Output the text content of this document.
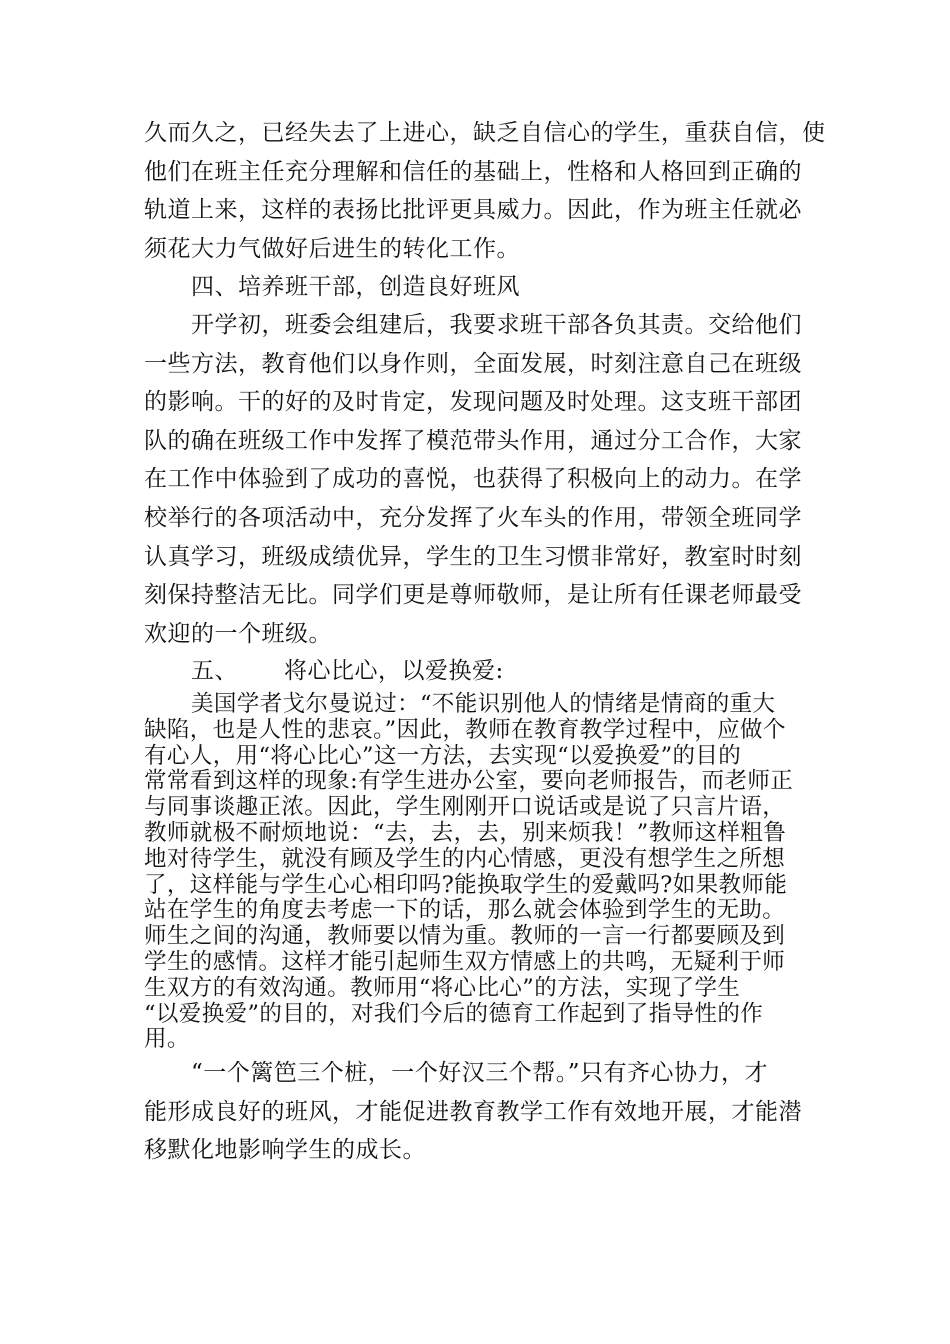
久而久之，已经失去了上进心，缺乏自信心的学生，重获自信，使
他们在班主任充分理解和信任的基础上，性格和人格回到正确的
轨道上来，这样的表扬比批评更具威力。因此，作为班主任就必
须花大力气做好后进生的转化工作。
四、培养班干部，创造良好班风
开学初，班委会组建后，我要求班干部各负其责。交给他们
一些方法，教育他们以身作则，全面发展，时刻注意自己在班级
的影响。干的好的及时肯定，发现问题及时处理。这支班干部团
队的确在班级工作中发挥了模范带头作用，通过分工合作，大家
在工作中体验到了成功的喜悦，也获得了积极向上的动力。在学
校举行的各项活动中，充分发挥了火车头的作用，带领全班同学
认真学习，班级成绩优异，学生的卫生习惯非常好，教室时时刻
刻保持整洁无比。同学们更是尊师敬师，是让所有任课老师最受
欢迎的一个班级。
五、 将心比心，以爱换爱:
美国学者戈尔曼说过：“不能识别他人的情绪是情商的重大
缺陷，也是人性的悲哀。”因此，教师在教育教学过程中，应做个
有心人，用“将心比心”这一方法，去实现“以爱换爱”的目的
常常看到这样的现象:有学生进办公室，要向老师报告，而老师正
与同事谈趣正浓。因此，学生刚刚开口说话或是说了只言片语，
教师就极不耐烦地说：“去，去，去，别来烦我！”教师这样粗鲁
地对待学生，就没有顾及学生的内心情感，更没有想学生之所想
了，这样能与学生心心相印吗?能换取学生的爱戴吗?如果教师能
站在学生的角度去考虑一下的话，那么就会体验到学生的无助。
师生之间的沟通，教师要以情为重。教师的一言一行都要顾及到
学生的感情。这样才能引起师生双方情感上的共鸣，无疑利于师
生双方的有效沟通。教师用“将心比心”的方法，实现了学生
“以爱换爱”的目的，对我们今后的德育工作起到了指导性的作
用。
“一个篱笆三个桩，一个好汉三个帮。”只有齐心协力，才
能形成良好的班风，才能促进教育教学工作有效地开展，才能潜
移默化地影响学生的成长。
